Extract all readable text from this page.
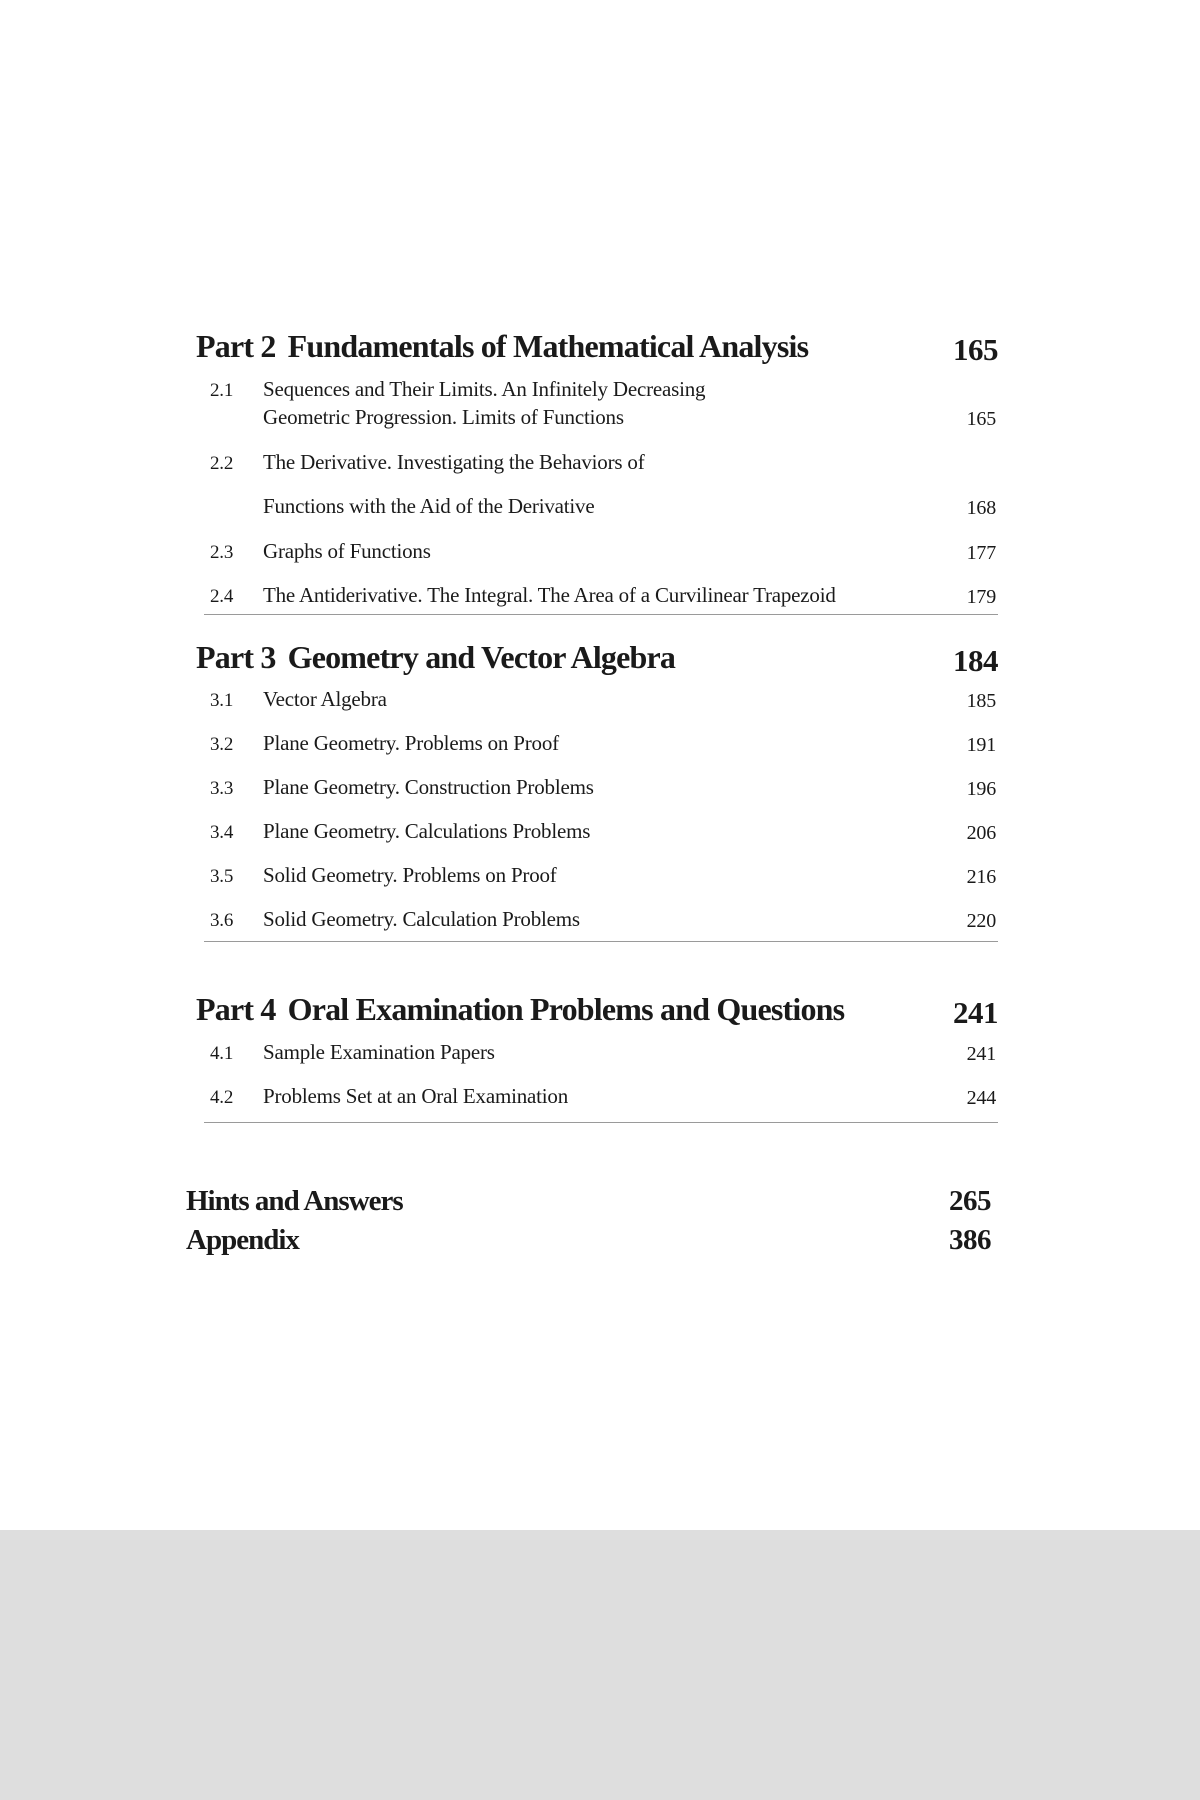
Part 2 Fundamentals of Mathematical Analysis	165
2.1 Sequences and Their Limits. An Infinitely Decreasing
Geometric Progression. Limits of Functions	165
2.2 The Derivative. Investigating the Behaviors of
Functions with the Aid of the Derivative	168
2.3 Graphs of Functions	177
2.4 The Antiderivative. The Integral. The Area of a Curvilinear Trapezoid	179
Part 3 Geometry and Vector Algebra	184
3.1 Vector Algebra	185
3.2 Plane Geometry. Problems on Proof	191
3.3 Plane Geometry. Construction Problems	196
3.4 Plane Geometry. Calculations Problems	206
3.5 Solid Geometry. Problems on Proof	216
3.6 Solid Geometry. Calculation Problems	220
Part 4 Oral Examination Problems and Questions	241
4.1 Sample Examination Papers	241
4.2 Problems Set at an Oral Examination	244
Hints and Answers	265
Appendix	386
